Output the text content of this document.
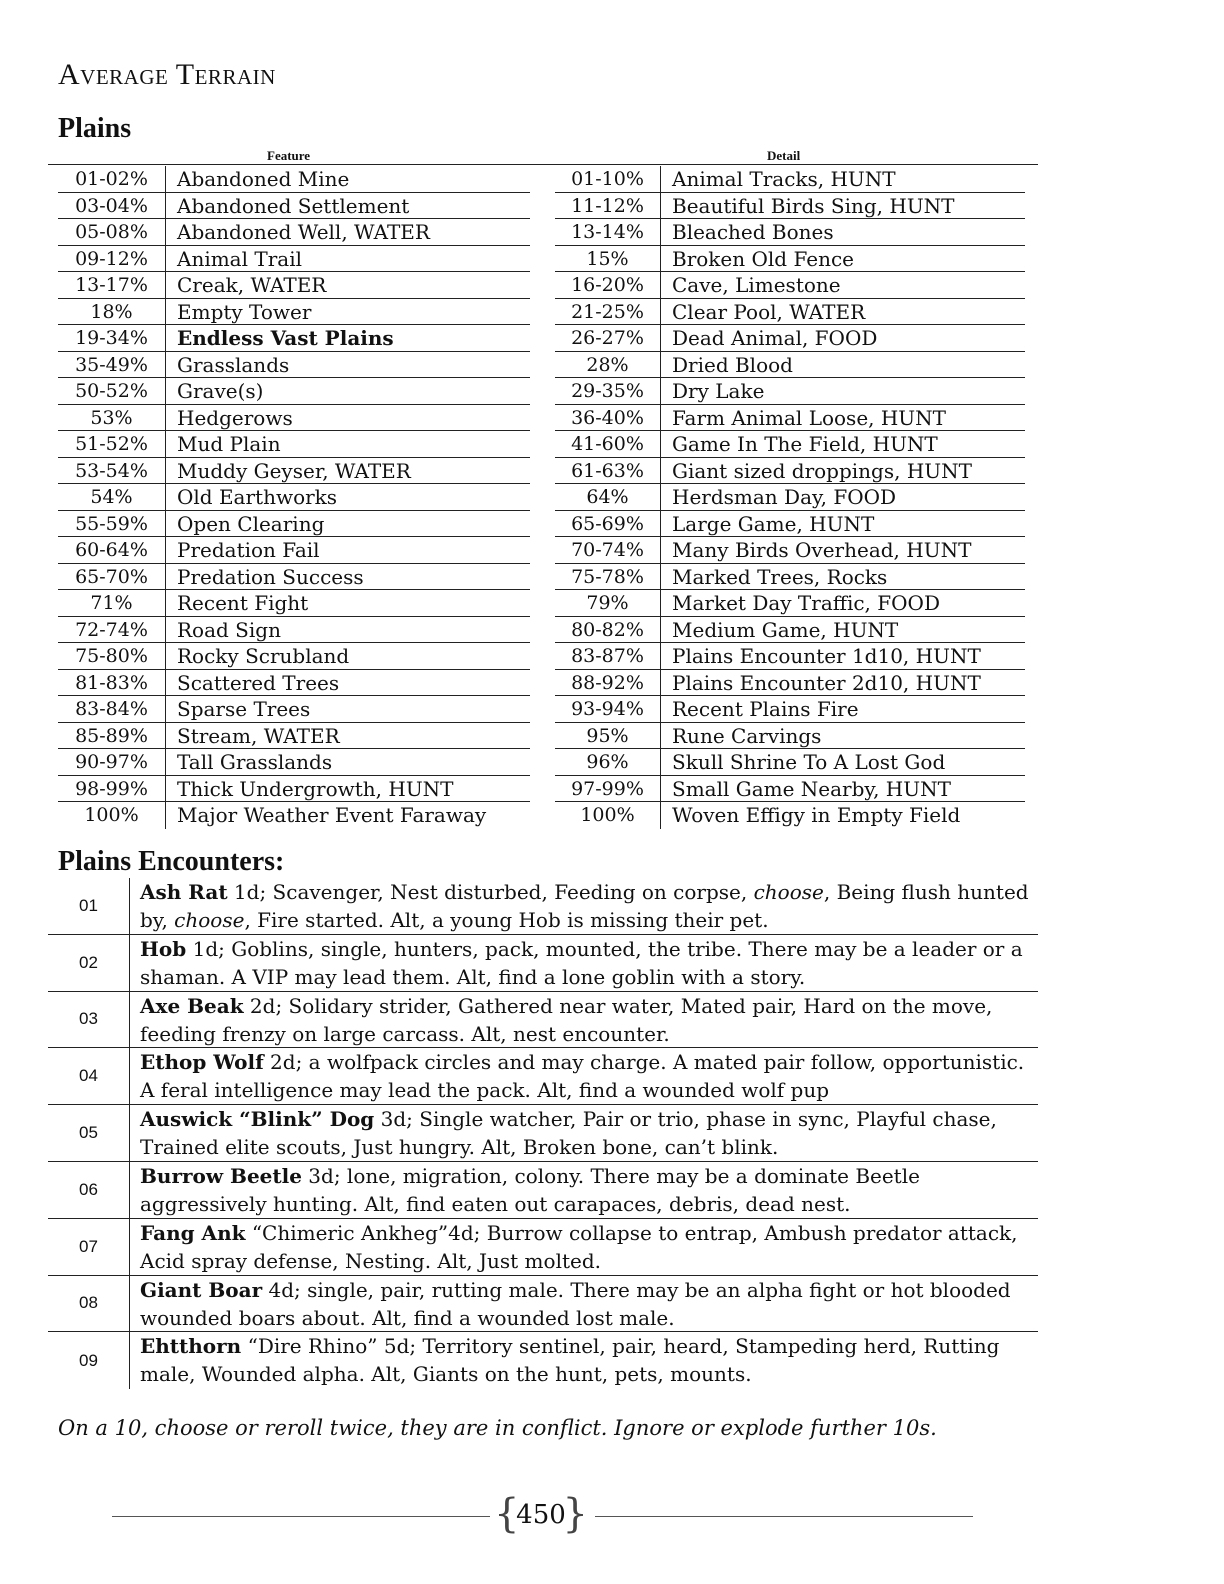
Average Terrain
Plains
Feature	Detail
01-02%	Abandoned Mine
03-04%	Abandoned Settlement
05-08%	Abandoned Well, WATER
09-12%	Animal Trail
13-17%	Creak, WATER
18%	Empty Tower
19-34%	Endless Vast Plains
35-49%	Grasslands
50-52%	Grave(s)
53%	Hedgerows
51-52%	Mud Plain
53-54%	Muddy Geyser, WATER
54%	Old Earthworks
55-59%	Open Clearing
60-64%	Predation Fail
65-70%	Predation Success
71%	Recent Fight
72-74%	Road Sign
75-80%	Rocky Scrubland
81-83%	Scattered Trees
83-84%	Sparse Trees
85-89%	Stream, WATER
90-97%	Tall Grasslands
98-99%	Thick Undergrowth, HUNT
100%	Major Weather Event Faraway
01-10%	Animal Tracks, HUNT
11-12%	Beautiful Birds Sing, HUNT
13-14%	Bleached Bones
15%	Broken Old Fence
16-20%	Cave, Limestone
21-25%	Clear Pool, WATER
26-27%	Dead Animal, FOOD
28%	Dried Blood
29-35%	Dry Lake
36-40%	Farm Animal Loose, HUNT
41-60%	Game In The Field, HUNT
61-63%	Giant sized droppings, HUNT
64%	Herdsman Day, FOOD
65-69%	Large Game, HUNT
70-74%	Many Birds Overhead, HUNT
75-78%	Marked Trees, Rocks
79%	Market Day Traffic, FOOD
80-82%	Medium Game, HUNT
83-87%	Plains Encounter 1d10, HUNT
88-92%	Plains Encounter 2d10, HUNT
93-94%	Recent Plains Fire
95%	Rune Carvings
96%	Skull Shrine To A Lost God
97-99%	Small Game Nearby, HUNT
100%	Woven Effigy in Empty Field
Plains Encounters:
01
Ash Rat 1d; Scavenger, Nest disturbed, Feeding on corpse, choose, Being flush hunted by, choose, Fire started. Alt, a young Hob is missing their pet.
02
Hob 1d; Goblins, single, hunters, pack, mounted, the tribe. There may be a leader or a shaman. A VIP may lead them. Alt, find a lone goblin with a story.
03
Axe Beak 2d; Solidary strider, Gathered near water, Mated pair, Hard on the move, feeding frenzy on large carcass. Alt, nest encounter.
04
Ethop Wolf 2d; a wolfpack circles and may charge. A mated pair follow, opportunistic. A feral intelligence may lead the pack. Alt, find a wounded wolf pup
05
Auswick “Blink” Dog 3d; Single watcher, Pair or trio, phase in sync, Playful chase, Trained elite scouts, Just hungry. Alt, Broken bone, can’t blink.
06
Burrow Beetle 3d; lone, migration, colony. There may be a dominate Beetle aggressively hunting. Alt, find eaten out carapaces, debris, dead nest.
07
Fang Ank “Chimeric Ankheg”4d; Burrow collapse to entrap, Ambush predator attack, Acid spray defense, Nesting. Alt, Just molted.
08
Giant Boar 4d; single, pair, rutting male. There may be an alpha fight or hot blooded wounded boars about. Alt, find a wounded lost male.
09
Ehtthorn “Dire Rhino” 5d; Territory sentinel, pair, heard, Stampeding herd, Rutting male, Wounded alpha. Alt, Giants on the hunt, pets, mounts.
On a 10, choose or reroll twice, they are in conflict. Ignore or explode further 10s.
{
450
}
